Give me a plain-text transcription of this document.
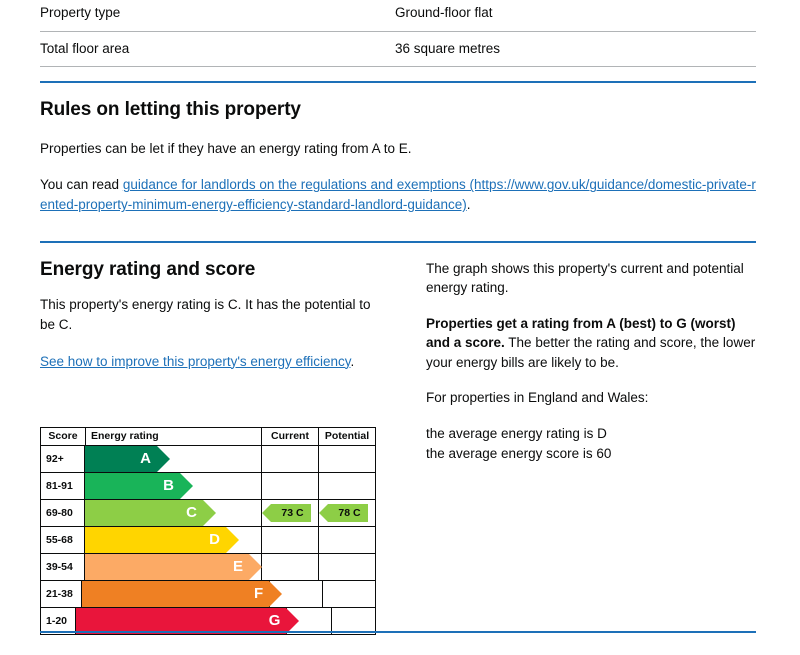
Property type	Ground-floor flat
Total floor area	36 square metres
Rules on letting this property

Properties can be let if they have an energy rating from A to E.

You can read guidance for landlords on the regulations and exemptions (https://www.gov.uk/guidance/domestic-private-rented-property-minimum-energy-efficiency-standard-landlord-guidance).

Energy rating and score

This property's energy rating is C. It has the potential to be C.

See how to improve this property's energy efficiency.

The graph shows this property's current and potential energy rating.

Properties get a rating from A (best) to G (worst) and a score. The better the rating and score, the lower your energy bills are likely to be.

For properties in England and Wales:

the average energy rating is D

the average energy score is 60

Score	Energy rating	Current	Potential
92+	A
81-91	B
69-80	C	73 C	78 C
55-68	D
39-54	E
21-38	F
1-20	G
